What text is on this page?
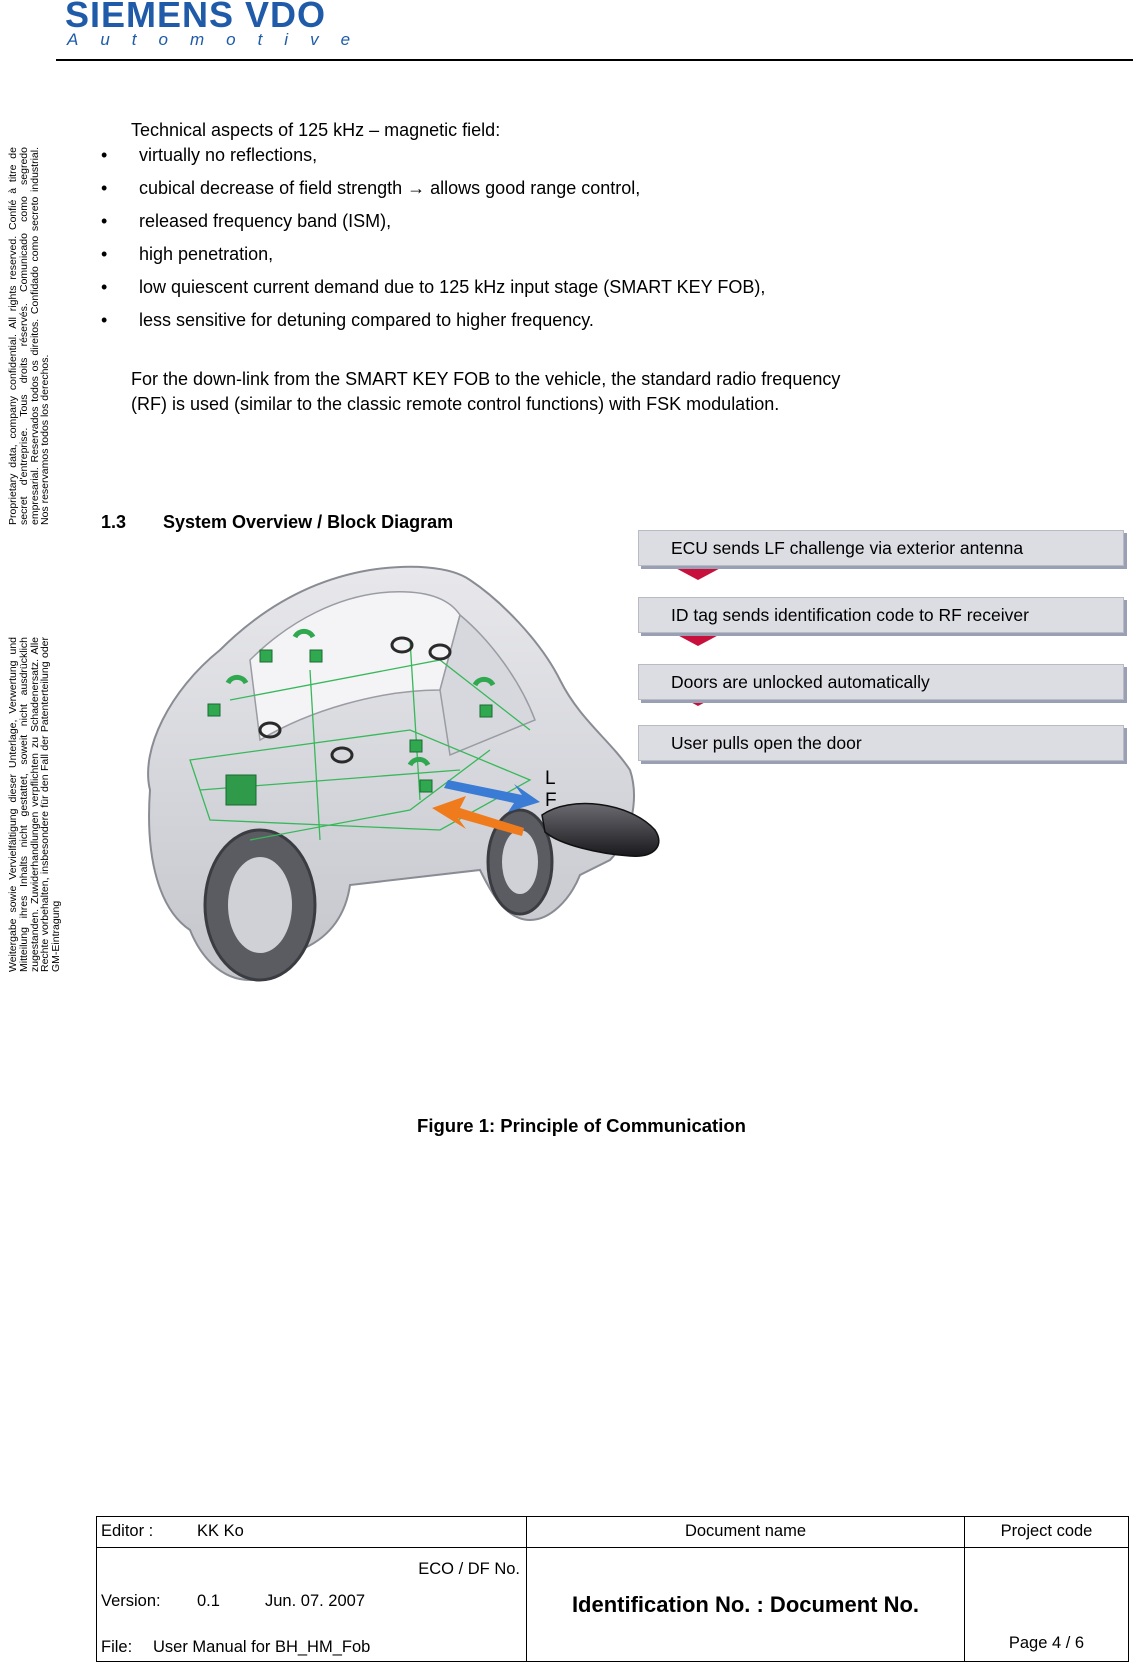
SIEMENS VDO
Automotive

Proprietary data, company confidential. All rights reserved. Confié à titre de secret d'entreprise. Tous droits réservés. Comunicado como segredo empresarial. Reservados todos os direitos. Confidado como secreto industrial. Nos reservamos todos los derechos.

Weitergabe sowie Vervielfältigung dieser Unterlage, Verwertung und Mitteilung ihres Inhalts nicht gestattet, soweit nicht ausdrücklich zugestanden. Zuwiderhandlungen verpflichten zu Schadenersatz. Alle Rechte vorbehalten, insbesondere für den Fall der Patenterteilung oder GM-Eintragung

Technical aspects of 125 kHz – magnetic field:
• virtually no reflections,
• cubical decrease of field strength → allows good range control,
• released frequency band (ISM),
• high penetration,
• low quiescent current demand due to 125 kHz input stage (SMART KEY FOB),
• less sensitive for detuning compared to higher frequency.
For the down-link from the SMART KEY FOB to the vehicle, the standard radio frequency
(RF) is used (similar to the classic remote control functions) with FSK modulation.
1.3 System Overview / Block Diagram
L
F
ECU sends LF challenge via exterior antenna
ID tag sends identification code to RF receiver
Doors are unlocked automatically
User pulls open the door
Figure 1: Principle of Communication
Editor : KK Ko	Document name	Project code

ECO / DF No.
Version: 0.1 Jun. 07. 2007
File: User Manual for BH_HM_Fob	Identification No. : Document No.	Page 4 / 6
